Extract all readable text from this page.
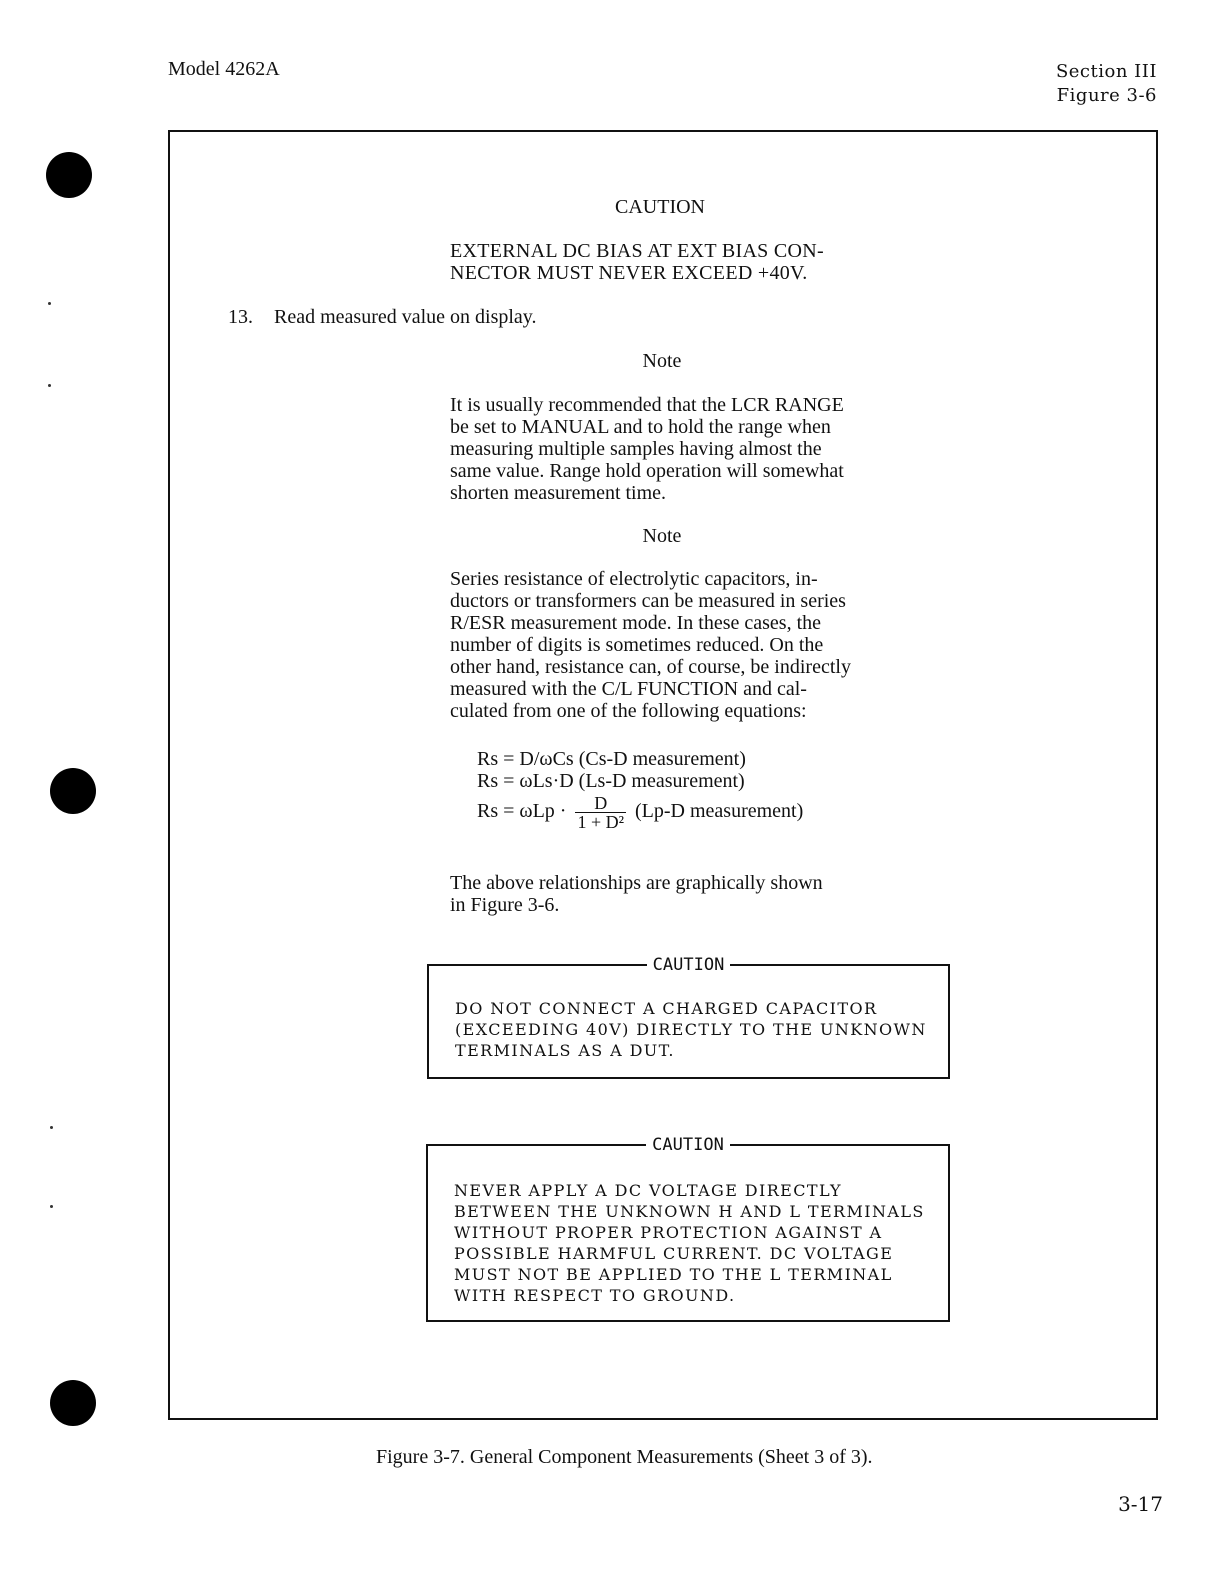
Model 4262A	Section III
Figure 3-6
CAUTION
EXTERNAL DC BIAS AT EXT BIAS CON-
NECTOR MUST NEVER EXCEED +40V.
13. Read measured value on display.
Note
It is usually recommended that the LCR RANGE
be set to MANUAL and to hold the range when
measuring multiple samples having almost the
same value. Range hold operation will somewhat
shorten measurement time.
Note
Series resistance of electrolytic capacitors, in-
ductors or transformers can be measured in series
R/ESR measurement mode. In these cases, the
number of digits is sometimes reduced. On the
other hand, resistance can, of course, be indirectly
measured with the C/L FUNCTION and cal-
culated from one of the following equations:
Rs = D/ωCs (Cs-D measurement)
Rs = ωLs·D (Ls-D measurement)
$Rs = \omega Lp \cdot \frac{D}{\text{1 + D²}} (Lp-D$ measurement)
The above relationships are graphically shown
in Figure 3-6.
CAUTION
DO NOT CONNECT A CHARGED CAPACITOR
(EXCEEDING 40V) DIRECTLY TO THE UNKNOWN
TERMINALS AS A DUT.
CAUTION
NEVER APPLY A DC VOLTAGE DIRECTLY
BETWEEN THE UNKNOWN H AND L TERMINALS
WITHOUT PROPER PROTECTION AGAINST A
POSSIBLE HARMFUL CURRENT. DC VOLTAGE
MUST NOT BE APPLIED TO THE L TERMINAL
WITH RESPECT TO GROUND.
Figure 3-7. General Component Measurements (Sheet 3 of 3).
3-17
